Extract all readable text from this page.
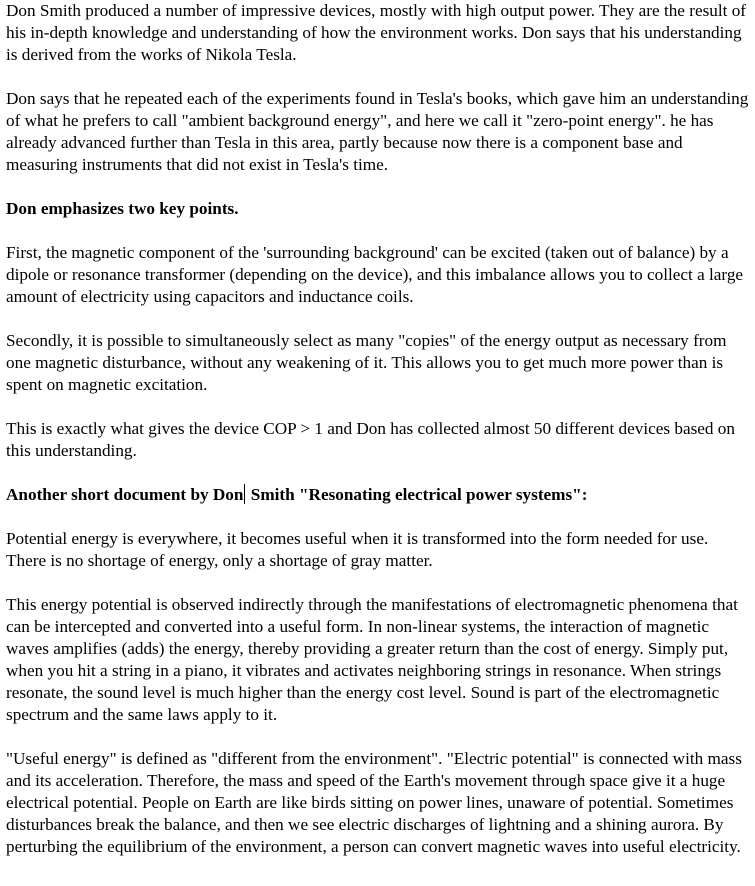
Don Smith produced a number of impressive devices, mostly with high output power. They are the result of his in-depth knowledge and understanding of how the environment works. Don says that his understanding is derived from the works of Nikola Tesla.

Don says that he repeated each of the experiments found in Tesla's books, which gave him an understanding of what he prefers to call "ambient background energy", and here we call it "zero-point energy". he has already advanced further than Tesla in this area, partly because now there is a component base and measuring instruments that did not exist in Tesla's time.

Don emphasizes two key points.

First, the magnetic component of the 'surrounding background' can be excited (taken out of balance) by a dipole or resonance transformer (depending on the device), and this imbalance allows you to collect a large amount of electricity using capacitors and inductance coils.

Secondly, it is possible to simultaneously select as many "copies" of the energy output as necessary from one magnetic disturbance, without any weakening of it. This allows you to get much more power than is spent on magnetic excitation.

This is exactly what gives the device COP > 1 and Don has collected almost 50 different devices based on this understanding.

Another short document by Don Smith "Resonating electrical power systems":

Potential energy is everywhere, it becomes useful when it is transformed into the form needed for use. There is no shortage of energy, only a shortage of gray matter.

This energy potential is observed indirectly through the manifestations of electromagnetic phenomena that can be intercepted and converted into a useful form. In non-linear systems, the interaction of magnetic waves amplifies (adds) the energy, thereby providing a greater return than the cost of energy. Simply put, when you hit a string in a piano, it vibrates and activates neighboring strings in resonance. When strings resonate, the sound level is much higher than the energy cost level. Sound is part of the electromagnetic spectrum and the same laws apply to it.

"Useful energy" is defined as "different from the environment". "Electric potential" is connected with mass and its acceleration. Therefore, the mass and speed of the Earth's movement through space give it a huge electrical potential. People on Earth are like birds sitting on power lines, unaware of potential. Sometimes disturbances break the balance, and then we see electric discharges of lightning and a shining aurora. By perturbing the equilibrium of the environment, a person can convert magnetic waves into useful electricity.
